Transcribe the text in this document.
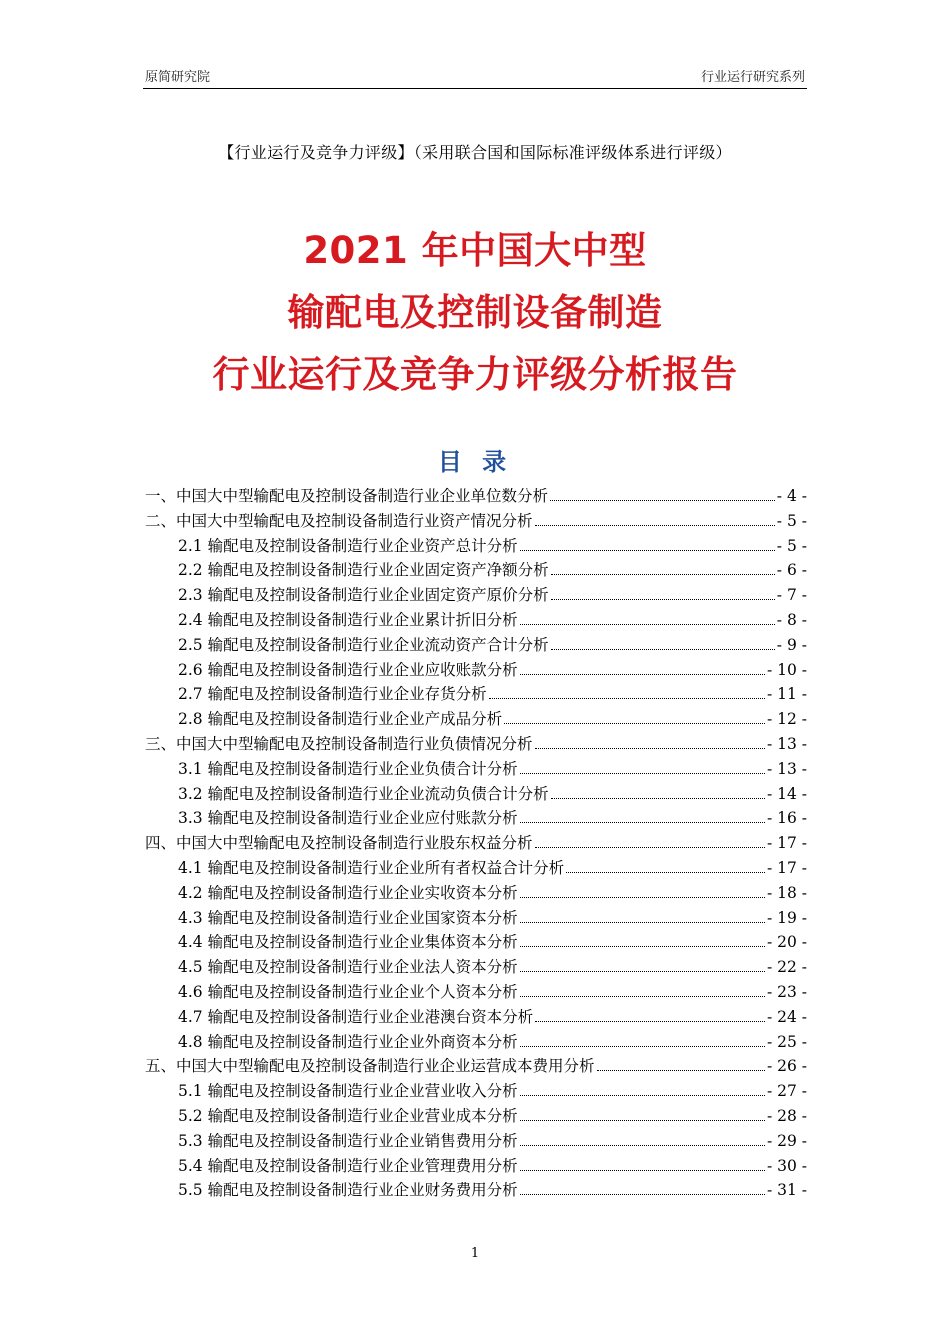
原简研究院	行业运行研究系列
【行业运行及竞争力评级】（采用联合国和国际标准评级体系进行评级）
2021 年中国大中型
输配电及控制设备制造
行业运行及竞争力评级分析报告
目 录
一、中国大中型输配电及控制设备制造行业企业单位数分析	- 4 -
二、中国大中型输配电及控制设备制造行业资产情况分析	- 5 -
2.1 输配电及控制设备制造行业企业资产总计分析	- 5 -
2.2 输配电及控制设备制造行业企业固定资产净额分析	- 6 -
2.3 输配电及控制设备制造行业企业固定资产原价分析	- 7 -
2.4 输配电及控制设备制造行业企业累计折旧分析	- 8 -
2.5 输配电及控制设备制造行业企业流动资产合计分析	- 9 -
2.6 输配电及控制设备制造行业企业应收账款分析	- 10 -
2.7 输配电及控制设备制造行业企业存货分析	- 11 -
2.8 输配电及控制设备制造行业企业产成品分析	- 12 -
三、中国大中型输配电及控制设备制造行业负债情况分析	- 13 -
3.1 输配电及控制设备制造行业企业负债合计分析	- 13 -
3.2 输配电及控制设备制造行业企业流动负债合计分析	- 14 -
3.3 输配电及控制设备制造行业企业应付账款分析	- 16 -
四、中国大中型输配电及控制设备制造行业股东权益分析	- 17 -
4.1 输配电及控制设备制造行业企业所有者权益合计分析	- 17 -
4.2 输配电及控制设备制造行业企业实收资本分析	- 18 -
4.3 输配电及控制设备制造行业企业国家资本分析	- 19 -
4.4 输配电及控制设备制造行业企业集体资本分析	- 20 -
4.5 输配电及控制设备制造行业企业法人资本分析	- 22 -
4.6 输配电及控制设备制造行业企业个人资本分析	- 23 -
4.7 输配电及控制设备制造行业企业港澳台资本分析	- 24 -
4.8 输配电及控制设备制造行业企业外商资本分析	- 25 -
五、中国大中型输配电及控制设备制造行业企业运营成本费用分析	- 26 -
5.1 输配电及控制设备制造行业企业营业收入分析	- 27 -
5.2 输配电及控制设备制造行业企业营业成本分析	- 28 -
5.3 输配电及控制设备制造行业企业销售费用分析	- 29 -
5.4 输配电及控制设备制造行业企业管理费用分析	- 30 -
5.5 输配电及控制设备制造行业企业财务费用分析	- 31 -
1
